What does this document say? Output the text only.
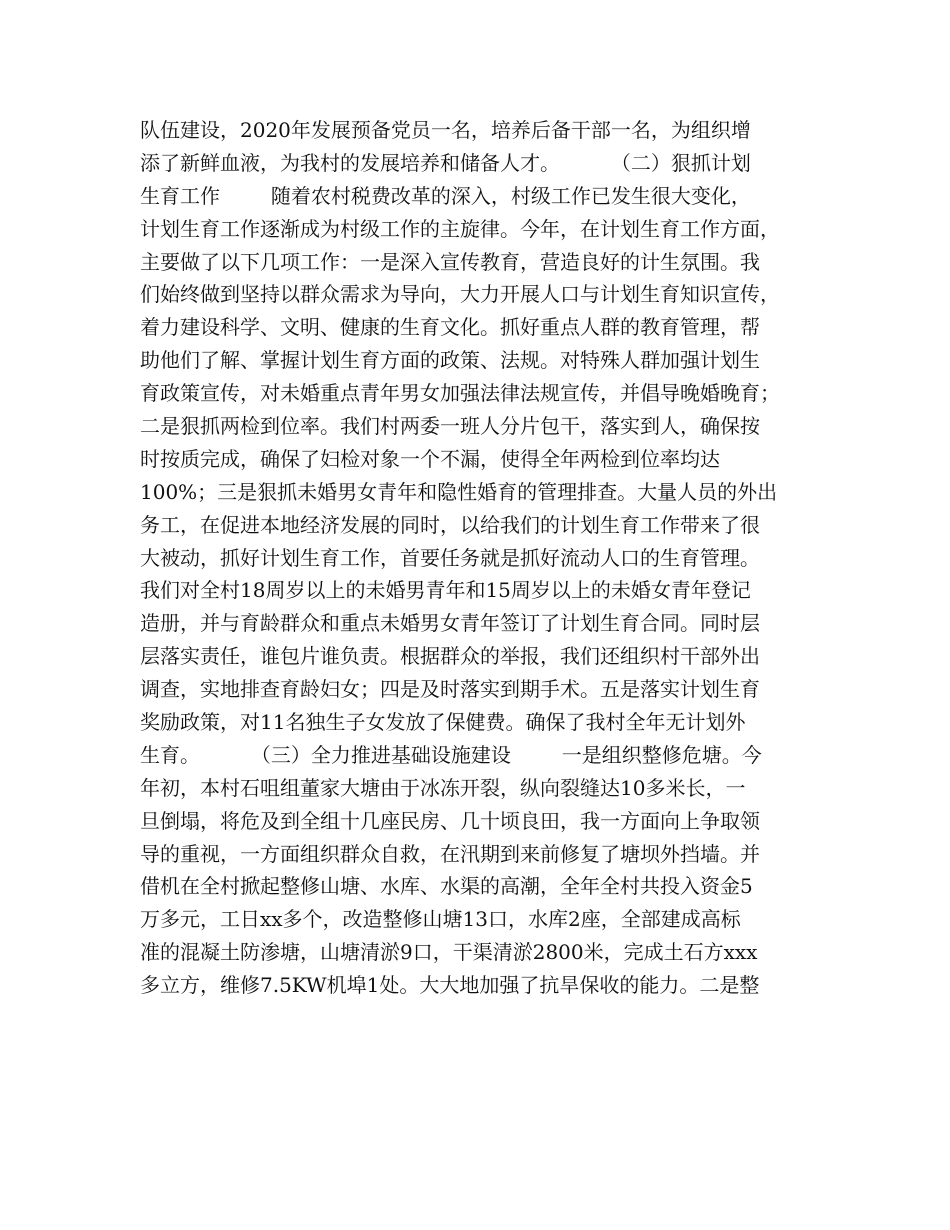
队伍建设，2020年发展预备党员一名，培养后备干部一名，为组织增
添了新鲜血液，为我村的发展培养和储备人才。        （二）狠抓计划
生育工作        随着农村税费改革的深入，村级工作已发生很大变化，
计划生育工作逐渐成为村级工作的主旋律。今年，在计划生育工作方面，
主要做了以下几项工作：一是深入宣传教育，营造良好的计生氛围。我
们始终做到坚持以群众需求为导向，大力开展人口与计划生育知识宣传，
着力建设科学、文明、健康的生育文化。抓好重点人群的教育管理，帮
助他们了解、掌握计划生育方面的政策、法规。对特殊人群加强计划生
育政策宣传，对未婚重点青年男女加强法律法规宣传，并倡导晚婚晚育；
二是狠抓两检到位率。我们村两委一班人分片包干，落实到人，确保按
时按质完成，确保了妇检对象一个不漏，使得全年两检到位率均达
100%；三是狠抓未婚男女青年和隐性婚育的管理排查。大量人员的外出
务工，在促进本地经济发展的同时，以给我们的计划生育工作带来了很
大被动，抓好计划生育工作，首要任务就是抓好流动人口的生育管理。
我们对全村18周岁以上的未婚男青年和15周岁以上的未婚女青年登记
造册，并与育龄群众和重点未婚男女青年签订了计划生育合同。同时层
层落实责任，谁包片谁负责。根据群众的举报，我们还组织村干部外出
调查，实地排查育龄妇女；四是及时落实到期手术。五是落实计划生育
奖励政策，对11名独生子女发放了保健费。确保了我村全年无计划外
生育。        （三）全力推进基础设施建设        一是组织整修危塘。今
年初，本村石咀组董家大塘由于冰冻开裂，纵向裂缝达10多米长，一
旦倒塌，将危及到全组十几座民房、几十顷良田，我一方面向上争取领
导的重视，一方面组织群众自救，在汛期到来前修复了塘坝外挡墙。并
借机在全村掀起整修山塘、水库、水渠的高潮，全年全村共投入资金5
万多元，工日xx多个，改造整修山塘13口，水库2座，全部建成高标
准的混凝土防渗塘，山塘清淤9口，干渠清淤2800米，完成土石方xxx
多立方，维修7.5KW机埠1处。大大地加强了抗旱保收的能力。二是整
